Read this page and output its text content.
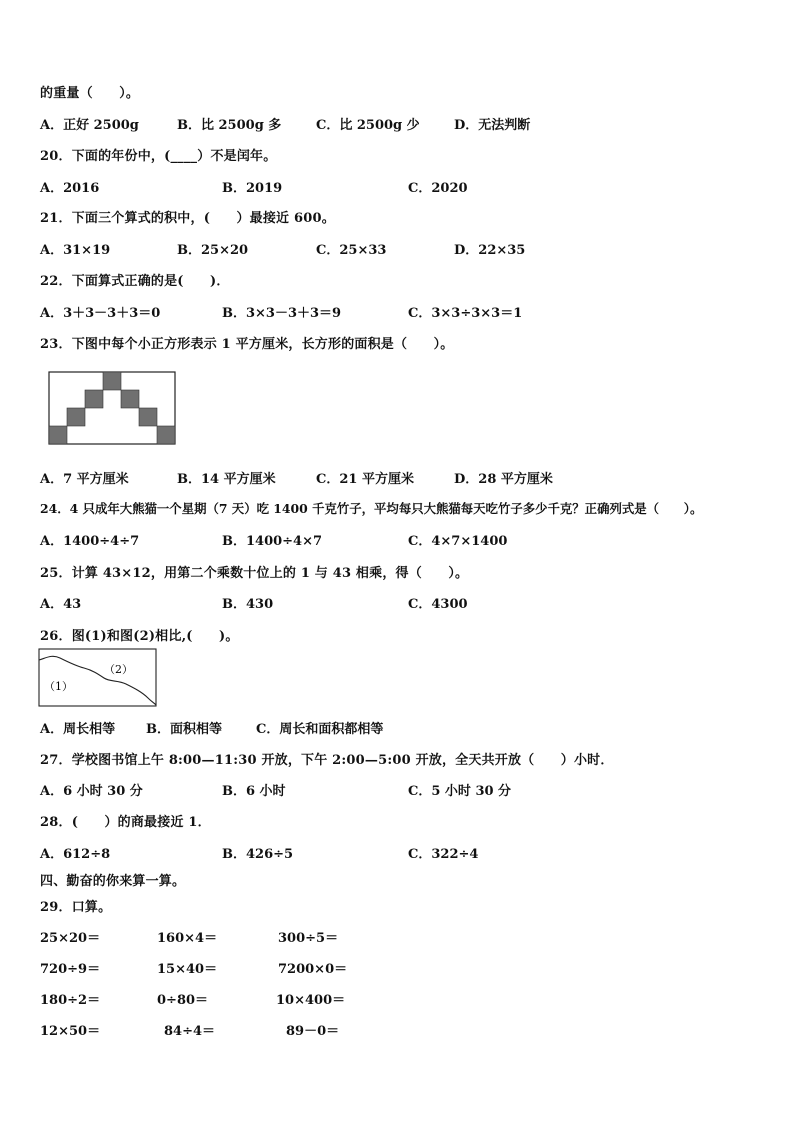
的重量（　　）。
A．正好 2500g	B．比 2500g 多	C．比 2500g 少	D．无法判断
20．下面的年份中，(____）不是闰年。
A．2016	B．2019	C．2020
21．下面三个算式的积中，(　　）最接近 600。
A．31×19	B．25×20	C．25×33	D．22×35
22．下面算式正确的是(　　)．
A．3＋3－3＋3＝0	B．3×3－3＋3＝9	C．3×3÷3×3＝1
23．下图中每个小正方形表示 1 平方厘米，长方形的面积是（　　）。
A．7 平方厘米	B．14 平方厘米	C．21 平方厘米	D．28 平方厘米
24．4 只成年大熊猫一个星期（7 天）吃 1400 千克竹子，平均每只大熊猫每天吃竹子多少千克？正确列式是（　　）。
A．1400÷4÷7	B．1400÷4×7	C．4×7×1400
25．计算 43×12，用第二个乘数十位上的 1 与 43 相乘，得（　　）。
A．43	B．430	C．4300
26．图(1)和图(2)相比,(　　)。
（1）
（2）
A．周长相等 B．面积相等	C．周长和面积都相等
27．学校图书馆上午 8:00—11:30 开放，下午 2:00—5:00 开放，全天共开放（　　）小时．
A．6 小时 30 分	B．6 小时	C．5 小时 30 分
28．(　　）的商最接近 1．
A．612÷8	B．426÷5	C．322÷4
四、勤奋的你来算一算。
29．口算。
25×20＝	160×4＝	300÷5＝
720÷9＝	15×40＝	7200×0＝
180÷2＝	0÷80＝	10×400＝
12×50＝	84÷4＝	89－0＝
